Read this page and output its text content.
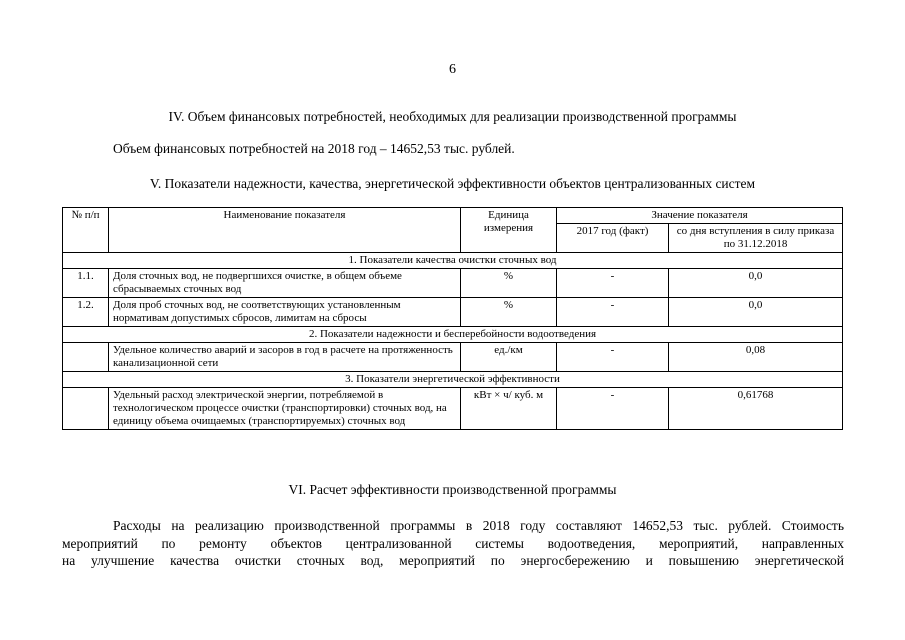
6
IV. Объем финансовых потребностей, необходимых для реализации производственной программы
Объем финансовых потребностей на 2018 год – 14652,53 тыс. рублей.
V. Показатели надежности, качества, энергетической эффективности объектов централизованных систем
№ п/п	Наименование показателя	Единица измерения	Значение показателя	
			2017 год (факт)	со дня вступления в силу приказа по 31.12.2018
1. Показатели качества очистки сточных вод				
1.1.	Доля сточных вод, не подвергшихся очистке, в общем объеме сбрасываемых сточных вод	%	-	0,0
1.2.	Доля проб сточных вод, не соответствующих установленным нормативам допустимых сбросов, лимитам на сбросы	%	-	0,0
2. Показатели надежности и бесперебойности водоотведения				
	Удельное количество аварий и засоров в год в расчете на протяженность канализационной сети	ед./км	-	0,08
3. Показатели энергетической эффективности				
	Удельный расход электрической энергии, потребляемой в технологическом процессе очистки (транспортировки) сточных вод, на единицу объема очищаемых (транспортируемых) сточных вод	кВт × ч/ куб. м	-	0,61768
VI. Расчет эффективности производственной программы
Расходы на реализацию производственной программы в 2018 году составляют 14652,53 тыс. рублей. Стоимость
мероприятий по ремонту объектов централизованной системы водоотведения, мероприятий, направленных
на улучшение качества очистки сточных вод, мероприятий по энергосбережению и повышению энергетической
